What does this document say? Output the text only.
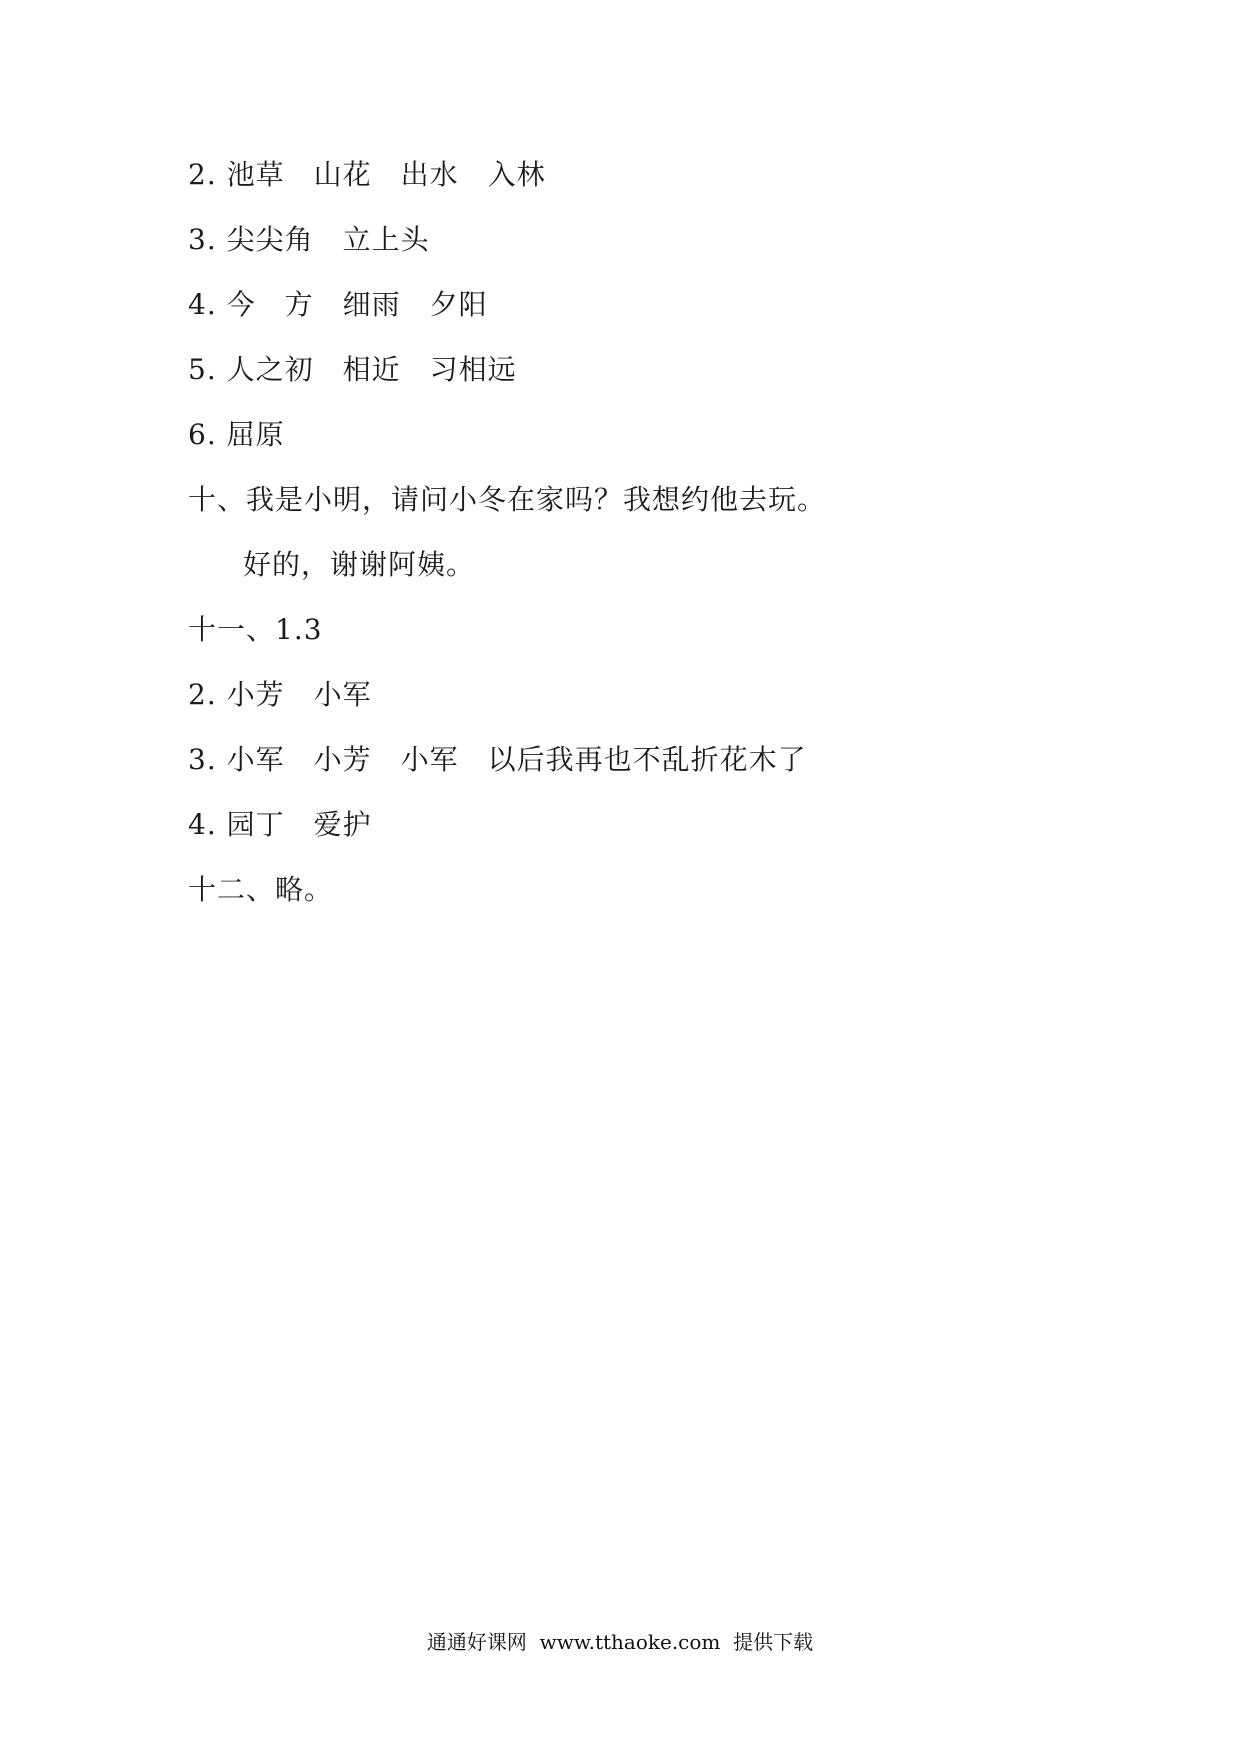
2. 池草　山花　出水　入林
3. 尖尖角　立上头
4. 今　方　细雨　夕阳
5. 人之初　相近　习相远
6. 屈原
十、我是小明，请问小冬在家吗？我想约他去玩。
好的，谢谢阿姨。
十一、1.3
2. 小芳　小军
3. 小军　小芳　小军　以后我再也不乱折花木了
4. 园丁　爱护
十二、略。
通通好课网  www.tthaoke.com  提供下载
